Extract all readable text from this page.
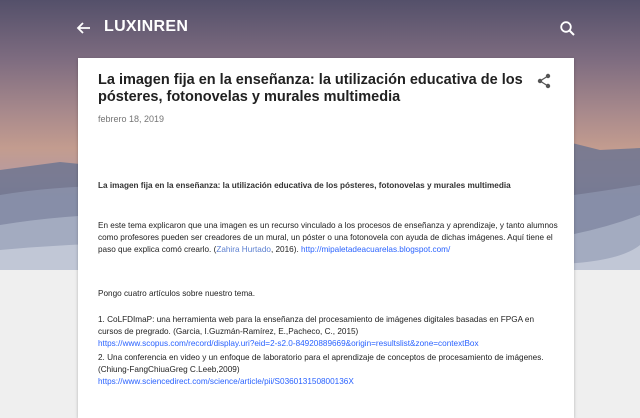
LUXINREN
La imagen fija en la enseñanza: la utilización educativa de los pósteres, fotonovelas y murales multimedia
febrero 18, 2019
La imagen fija en la enseñanza: la utilización educativa de los pósteres, fotonovelas y murales multimedia
En este tema explicaron que una imagen es un recurso vinculado a los procesos de enseñanza y aprendizaje, y tanto alumnos como profesores pueden ser creadores de un mural, un póster o una fotonovela con ayuda de dichas imágenes. Aquí tiene el paso que explica comó crearlo. (Zahira Hurtado, 2016). http://mipaletadeacuarelas.blogspot.com/
Pongo cuatro artículos sobre nuestro tema.
1. CoLFDImaP: una herramienta web para la enseñanza del procesamiento de imágenes digitales basadas en FPGA en cursos de pregrado. (Garcia, I.Guzmán-Ramírez, E.,Pacheco, C., 2015)
https://www.scopus.com/record/display.uri?eid=2-s2.0-84920889669&origin=resultslist&zone=contextBox
2. Una conferencia en video y un enfoque de laboratorio para el aprendizaje de conceptos de procesamiento de imágenes.(Chiung-FangChiuaGreg C.Leeb,2009)
https://www.sciencedirect.com/science/article/pii/S036013150800136X
